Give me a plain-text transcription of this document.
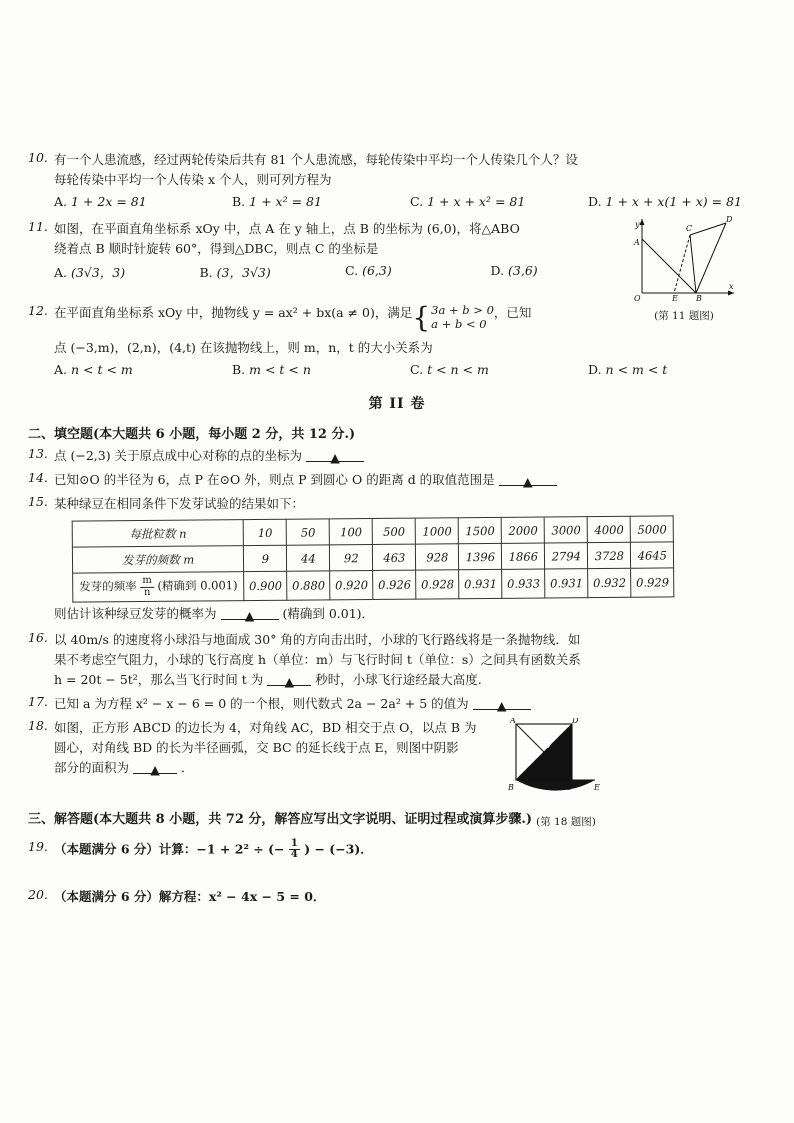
10. 有一个人患流感，经过两轮传染后共有 81 个人患流感，每轮传染中平均一个人传染几个人？设
每轮传染中平均一个人传染 x 个人，则可列方程为
A. 1 + 2x = 81	B. 1 + x² = 81	C. 1 + x + x² = 81	D. 1 + x + x(1 + x) = 81
11. 如图，在平面直角坐标系 xOy 中，点 A 在 y 轴上，点 B 的坐标为 (6,0)，将△ABO
绕着点 B 顺时针旋转 60°，得到△DBC，则点 C 的坐标是
A. (3√3，3)	B. (3，3√3)	C. (6,3)	D. (3,6)
y
A
C
D
B
E
O
x
(第 11 题图)
12. 在平面直角坐标系 xOy 中，抛物线 y = ax² + bx(a ≠ 0)，满足 { 3a + b > 0
a + b < 0
，已知
点 (−3,m)，(2,n)，(4,t) 在该抛物线上，则 m，n，t 的大小关系为
A. n < t < m	B. m < t < n	C. t < n < m	D. n < m < t
第 II 卷
二、填空题(本大题共 6 小题，每小题 2 分，共 12 分.)
13. 点 (−2,3) 关于原点成中心对称的点的坐标为 ▲
14. 已知⊙O 的半径为 6，点 P 在⊙O 外，则点 P 到圆心 O 的距离 d 的取值范围是 ▲
15. 某种绿豆在相同条件下发芽试验的结果如下：
每批粒数 n	10	50	100	500	1000	1500	2000	3000	4000	5000
发芽的频数 m	9	44	92	463	928	1396	1866	2794	3728	4645
发芽的频率 $\frac{m}{n}$ (精确到 0.001)	0.900	0.880	0.920	0.926	0.928	0.931	0.933	0.931	0.932	0.929
则估计该种绿豆发芽的概率为 ▲ (精确到 0.01)．
16. 以 40m/s 的速度将小球沿与地面成 30° 角的方向击出时，小球的飞行路线将是一条抛物线．如
果不考虑空气阻力，小球的飞行高度 h（单位：m）与飞行时间 t（单位：s）之间具有函数关系
h = 20t − 5t²，那么当飞行时间 t 为 ▲ 秒时，小球飞行途经最大高度.
17. 已知 a 为方程 x² − x − 6 = 0 的一个根，则代数式 2a − 2a² + 5 的值为 ▲
18. 如图，正方形 ABCD 的边长为 4，对角线 AC，BD 相交于点 O，以点 B 为
圆心，对角线 BD 的长为半径画弧，交 BC 的延长线于点 E，则图中阴影
部分的面积为 ▲ ．
A	D
B	C	E
O
(第 18 题图)
三、解答题(本大题共 8 小题，共 72 分，解答应写出文字说明、证明过程或演算步骤.)
19. （本题满分 6 分）计算：−1 + 2² ÷ (− $\frac{1}{4}$ ) − (−3)．
20. （本题满分 6 分）解方程：x² − 4x − 5 = 0．
